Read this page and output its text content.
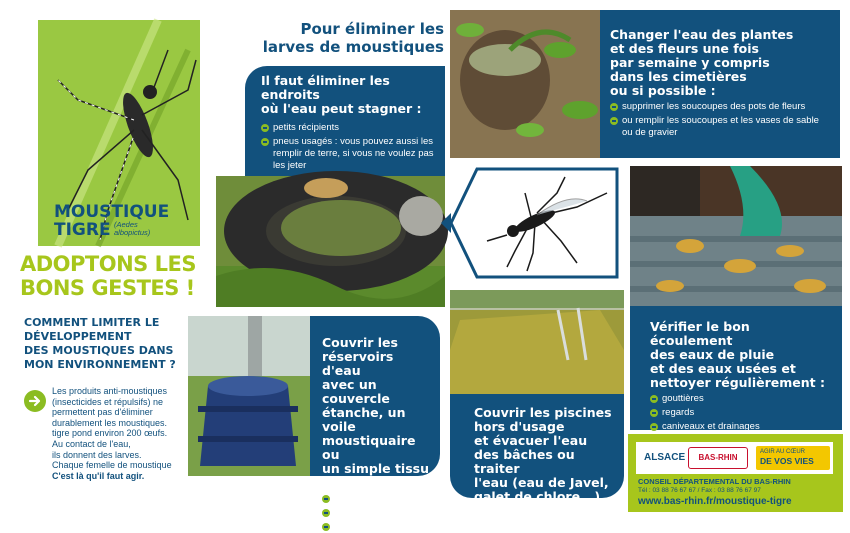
MOUSTIQUE
TIGRE (Aedes
albopictus)
ADOPTONS LES
BONS GESTES !
COMMENT LIMITER LE
DÉVELOPPEMENT
DES MOUSTIQUES DANS
MON ENVIRONNEMENT ?
Les produits anti-moustiques
(insecticides et répulsifs) ne
permettent pas d'éliminer
durablement les moustiques.
tigre pond environ 200 œufs.
Au contact de l'eau,
ils donnent des larves.
Chaque femelle de moustique
C'est là qu'il faut agir.
Pour éliminer les
larves de moustiques
Il faut éliminer les endroits
où l'eau peut stagner :
petits récipients
pneus usagés : vous pouvez aussi les remplir de terre, si vous ne voulez pas les jeter
Changer l'eau des plantes
et des fleurs une fois
par semaine y compris
dans les cimetières
ou si possible :
supprimer les soucoupes des pots de fleurs
ou remplir les soucoupes et les vases de sable ou de gravier
Vérifier le bon écoulement
des eaux de pluie
et des eaux usées et
nettoyer régulièrement :
gouttières
regards
caniveaux et drainages
Couvrir les
réservoirs d'eau
avec un couvercle
étanche, un voile
moustiquaire ou
un simple tissu :
bidons d'eau
citernes
bassins
Couvrir les piscines
hors d'usage
et évacuer l'eau
des bâches ou traiter
l'eau (eau de Javel,
galet de chlore...)
ALSACE	BAS-RHIN
AGIR AU CŒUR
DE VOS VIES
CONSEIL DÉPARTEMENTAL DU BAS-RHIN
Tél : 03 88 76 67 67 / Fax : 03 88 76 67 97
www.bas-rhin.fr/moustique-tigre
